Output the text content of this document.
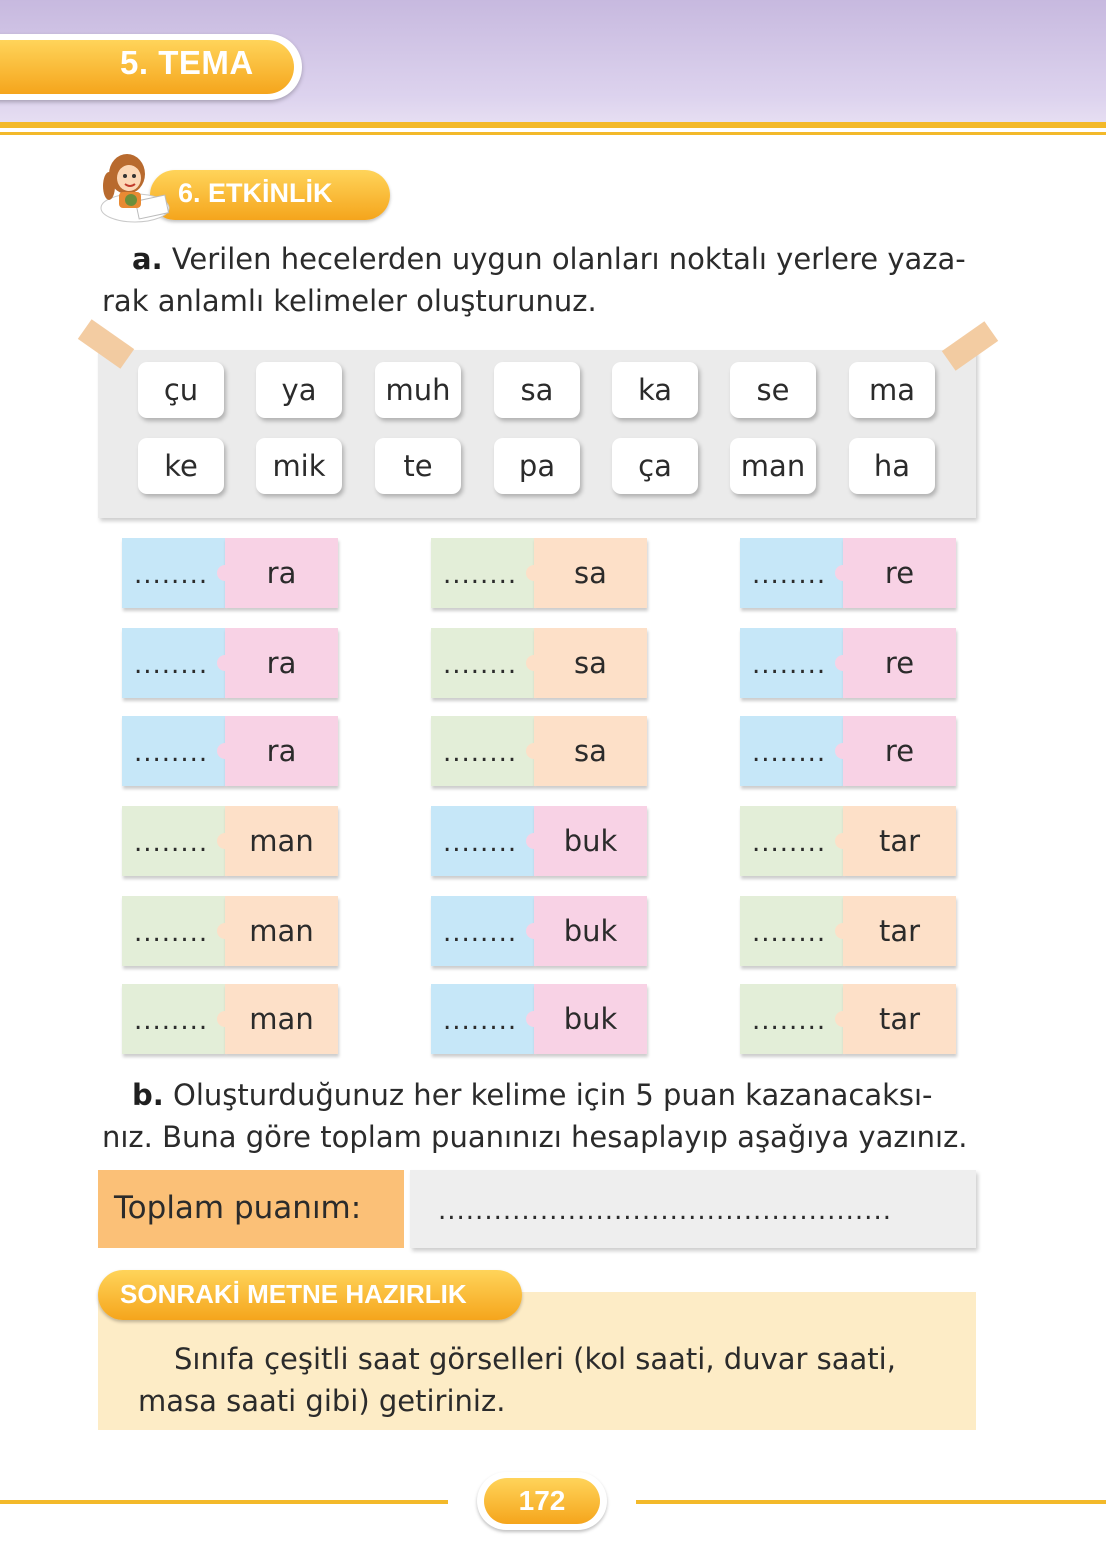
5. TEMA
6. ETKİNLİK
a. Verilen hecelerden uygun olanları noktalı yerlere yaza-
rak anlamlı kelimeler oluşturunuz.
çu	ya	muh	sa	ka	se	ma
ke	mik	te	pa	ça	man	ha
........ ra	........ sa	........ re
........ ra	........ sa	........ re
........ ra	........ sa	........ re
........ man	........ buk	........ tar
........ man	........ buk	........ tar
........ man	........ buk	........ tar
b. Oluşturduğunuz her kelime için 5 puan kazanacaksı-
nız. Buna göre toplam puanınızı hesaplayıp aşağıya yazınız.
Toplam puanım:	.................................................
SONRAKİ METNE HAZIRLIK
Sınıfa çeşitli saat görselleri (kol saati, duvar saati,
masa saati gibi) getiriniz.
172
